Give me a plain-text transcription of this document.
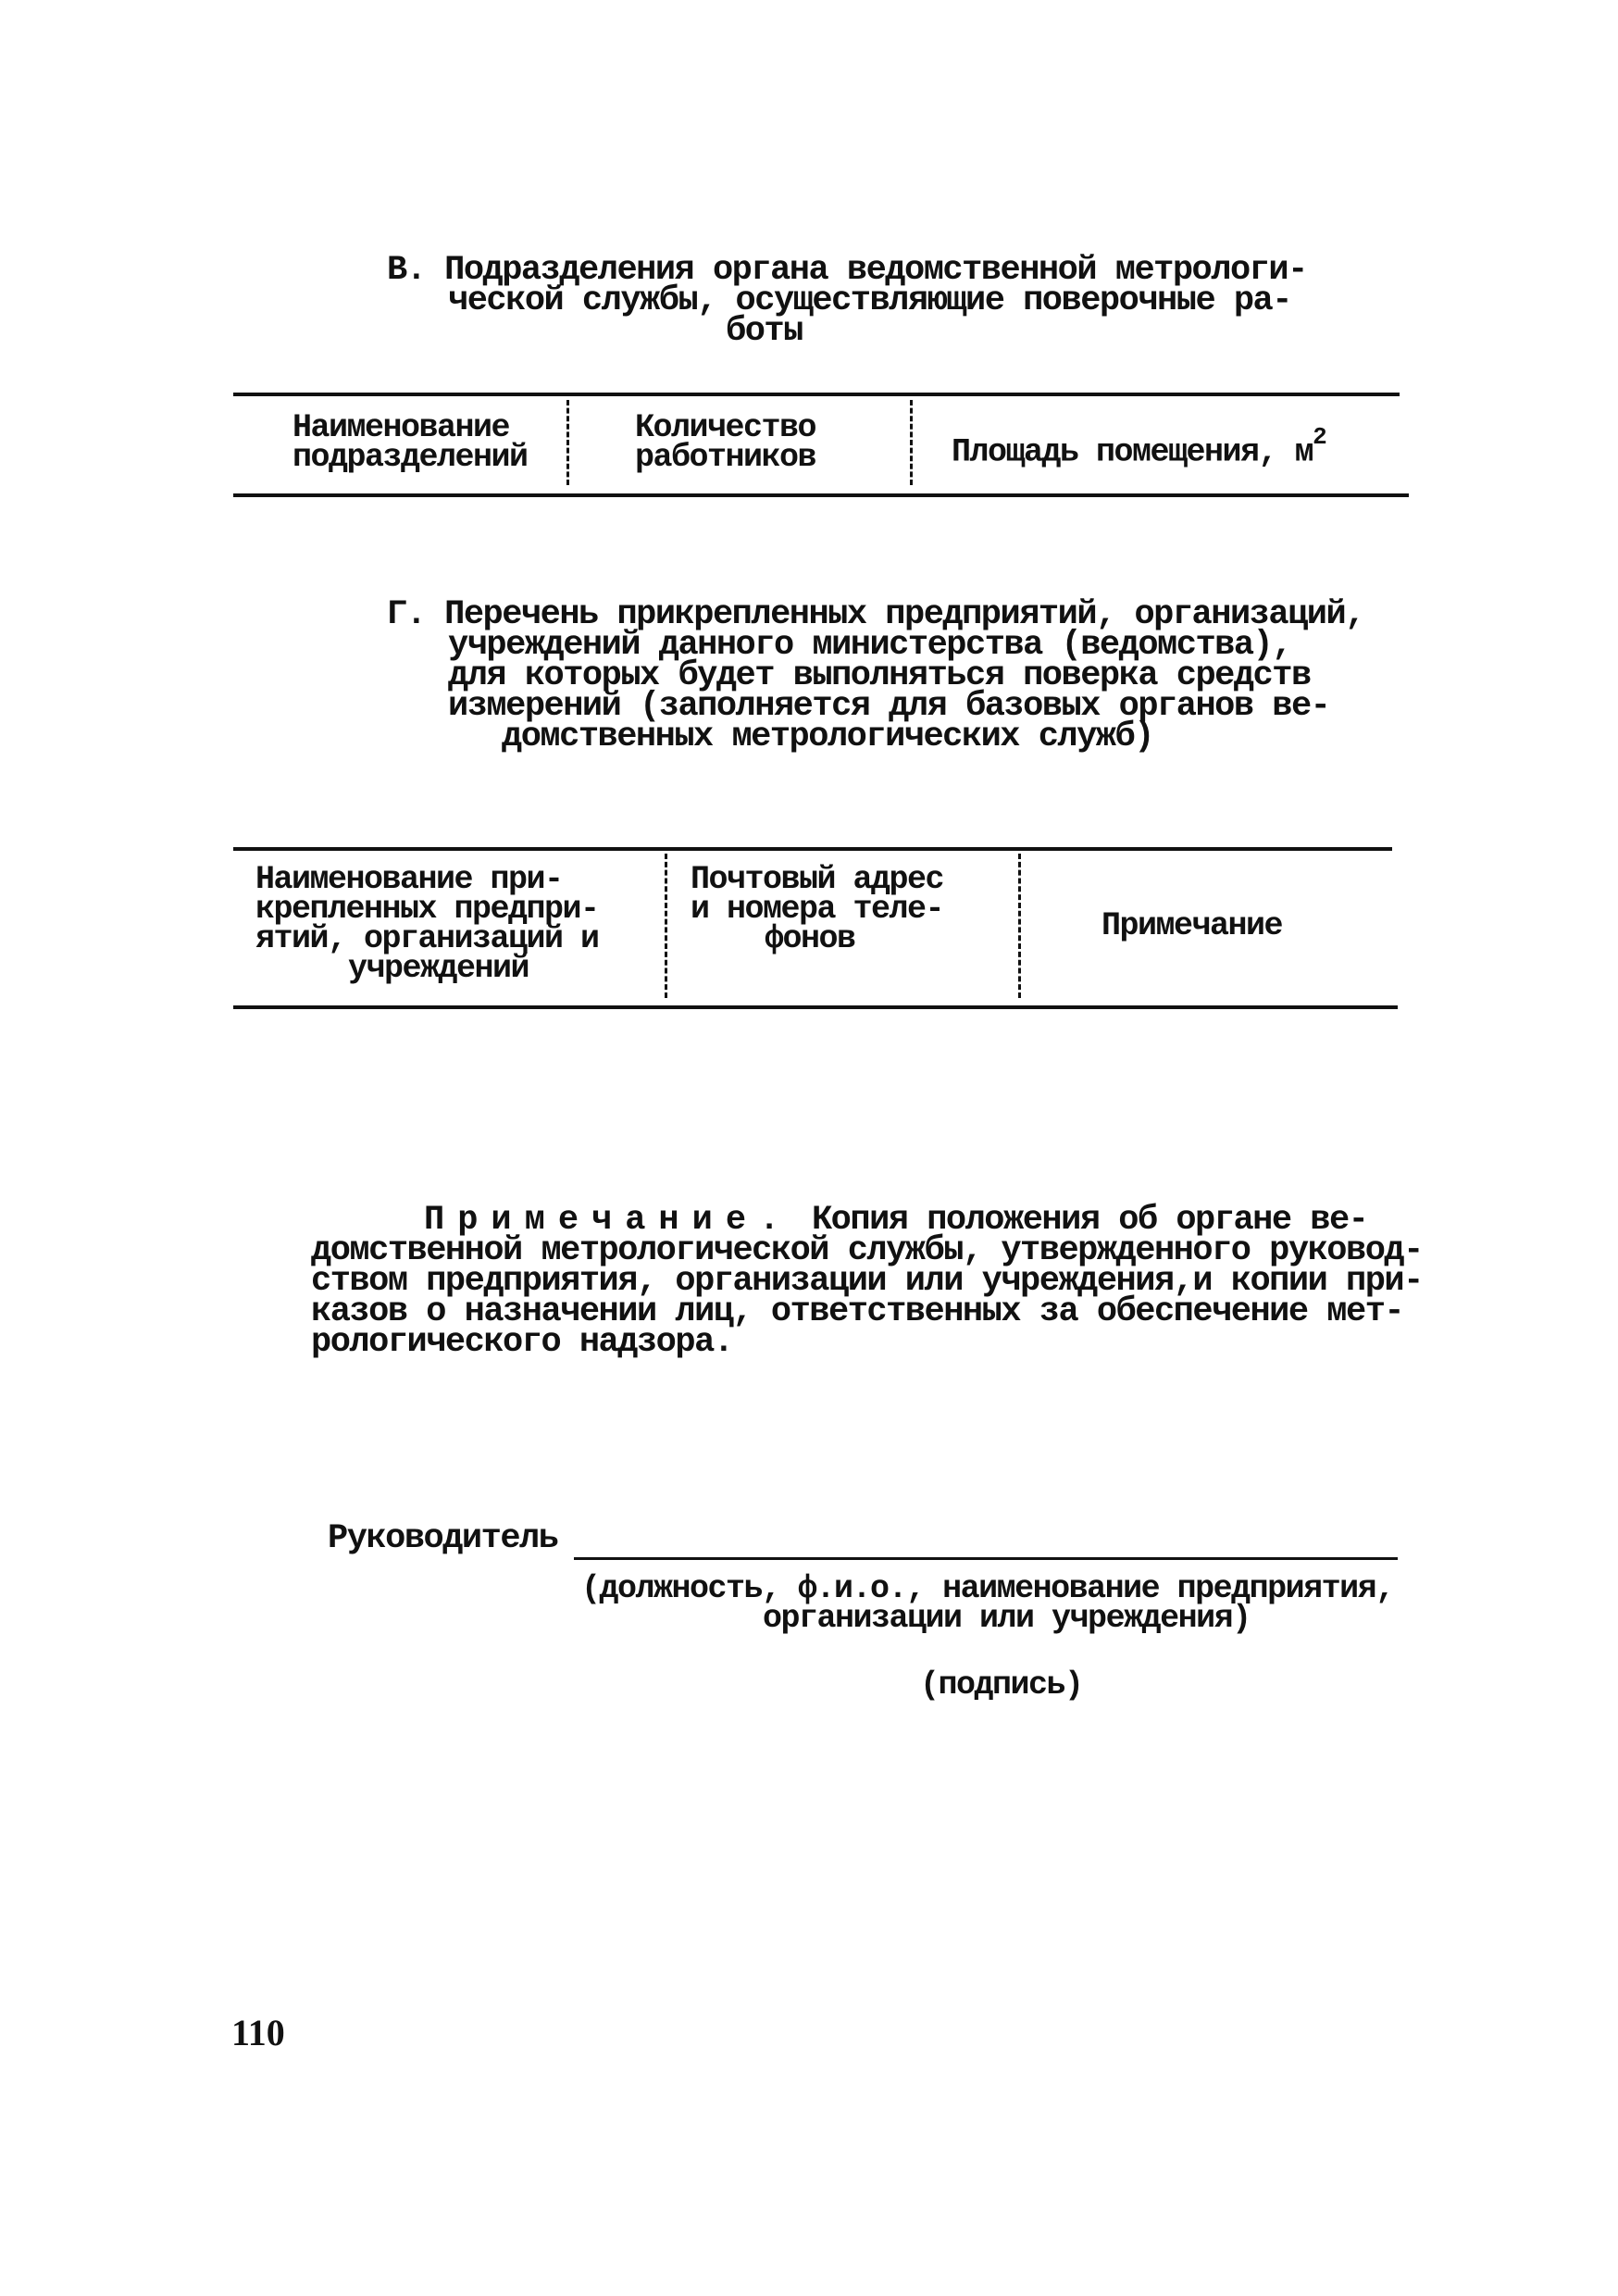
В. Подразделения органа ведомственной метрологи-
ческой службы, осуществляющие поверочные ра-
боты
Наименование
подразделений
Количество
работников	Площадь помещения, $м^2$
Г. Перечень прикрепленных предприятий, организаций,
учреждений данного министерства (ведомства),
для которых будет выполняться поверка средств
измерений (заполняется для базовых органов ве-
домственных метрологических служб)
Наименование при-
крепленных предпри-
ятий, организаций и
учреждений
Почтовый адрес
и номера теле-
фонов	Примечание
Примечание. Копия положения об органе ве-
домственной метрологической службы, утвержденного руковод-
ством предприятия, организации или учреждения,и копии при-
казов о назначении лиц, ответственных за обеспечение мет-
рологического надзора.
Руководитель
(должность, ф.и.о., наименование предприятия,
организации или учреждения)
(подпись)
110
